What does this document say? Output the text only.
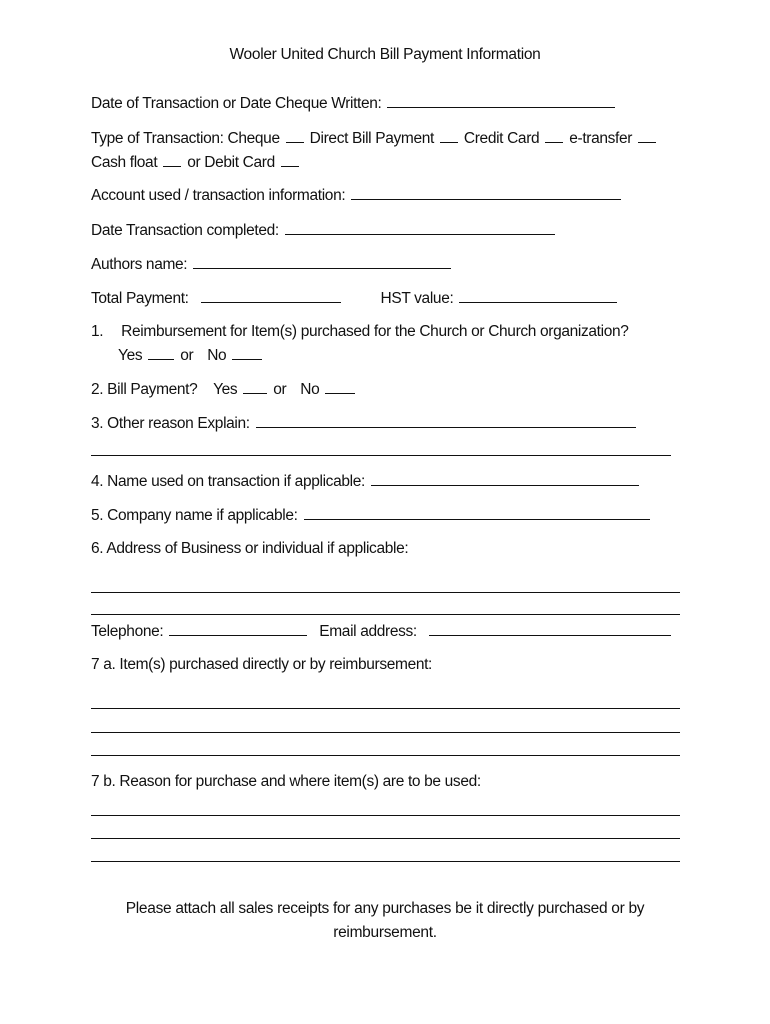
Wooler United Church Bill Payment Information
Date of Transaction or Date Cheque Written:
Type of Transaction: Cheque Direct Bill Payment Credit Card e-transfer
Cash float or Debit Card
Account used / transaction information:
Date Transaction completed:
Authors name:
Total Payment:	HST value:
1. Reimbursement for Item(s) purchased for the Church or Church organization?
Yes or No
2. Bill Payment? Yes or No
3. Other reason Explain:
4. Name used on transaction if applicable:
5. Company name if applicable:
6. Address of Business or individual if applicable:
Telephone:	Email address:
7 a. Item(s) purchased directly or by reimbursement:
7 b. Reason for purchase and where item(s) are to be used:
Please attach all sales receipts for any purchases be it directly purchased or by
reimbursement.
